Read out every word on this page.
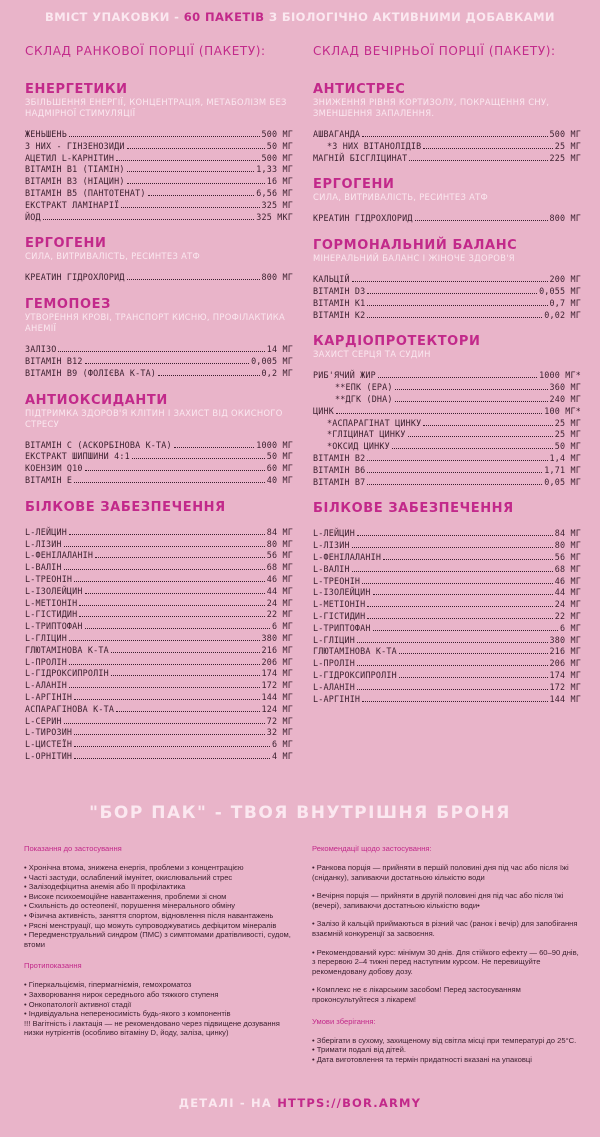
ВМІСТ УПАКОВКИ - 60 ПАКЕТІВ З БІОЛОГІЧНО АКТИВНИМИ ДОБАВКАМИ
СКЛАД РАНКОВОЇ ПОРЦІЇ (ПАКЕТУ):
ЕНЕРГЕТИКИ
ЗБІЛЬШЕННЯ ЕНЕРГІЇ, КОНЦЕНТРАЦІЯ, МЕТАБОЛІЗМ БЕЗ НАДМІРНОЇ СТИМУЛЯЦІЇ
ЖЕНЬШЕНЬ	500 МГ
З НИХ - ГІНЗЕНОЗИДИ	50 МГ
АЦЕТИЛ L-КАРНІТИН	500 МГ
ВІТАМІН В1 (ТІАМІН)	1,33 МГ
ВІТАМІН ВЗ (НІАЦИН)	16 МГ
ВІТАМІН В5 (ПАНТОТЕНАТ)	6,56 МГ
ЕКСТРАКТ ЛАМІНАРІЇ	325 МГ
ЙОД	325 МКГ
ЕРГОГЕНИ
СИЛА, ВИТРИВАЛІСТЬ, РЕСИНТЕЗ АТФ
КРЕАТИН ГІДРОХЛОРИД	800 МГ
ГЕМОПОЕЗ
УТВОРЕННЯ КРОВІ, ТРАНСПОРТ КИСНЮ, ПРОФІЛАКТИКА АНЕМІЇ
ЗАЛІЗО	14 МГ
ВІТАМІН В12	0,005 МГ
ВІТАМІН В9 (ФОЛІЄВА К-ТА)	0,2 МГ
АНТИОКСИДАНТИ
ПІДТРИМКА ЗДОРОВ'Я КЛІТИН І ЗАХИСТ ВІД ОКИСНОГО СТРЕСУ
ВІТАМІН С (АСКОРБІНОВА К-ТА)	1000 МГ
ЕКСТРАКТ ШИПШИНИ 4:1	50 МГ
КОЕНЗИМ Q10	60 МГ
ВІТАМІН Е	40 МГ
БІЛКОВЕ ЗАБЕЗПЕЧЕННЯ
L-ЛЕЙЦИН	84 МГ
L-ЛІЗИН	80 МГ
L-ФЕНІЛАЛАНІН	56 МГ
L-ВАЛІН	68 МГ
L-ТРЕОНІН	46 МГ
L-ІЗОЛЕЙЦИН	44 МГ
L-МЕТІОНІН	24 МГ
L-ГІСТИДИН	22 МГ
L-ТРИПТОФАН	6 МГ
L-ГЛІЦИН	380 МГ
ГЛЮТАМІНОВА К-ТА	216 МГ
L-ПРОЛІН	206 МГ
L-ГІДРОКСИПРОЛІН	174 МГ
L-АЛАНІН	172 МГ
L-АРГІНІН	144 МГ
АСПАРАГІНОВА К-ТА	124 МГ
L-СЕРИН	72 МГ
L-ТИРОЗИН	32 МГ
L-ЦИСТЕЇН	6 МГ
L-ОРНІТИН	4 МГ
СКЛАД ВЕЧІРНЬОЇ ПОРЦІЇ (ПАКЕТУ):
АНТИСТРЕС
ЗНИЖЕННЯ РІВНЯ КОРТИЗОЛУ, ПОКРАЩЕННЯ СНУ, ЗМЕНШЕННЯ ЗАПАЛЕННЯ.
АШВАГАНДА	500 МГ
*З НИХ ВІТАНОЛІДІВ	25 МГ
МАГНІЙ БІСГЛІЦИНАТ	225 МГ
ЕРГОГЕНИ
СИЛА, ВИТРИВАЛІСТЬ, РЕСИНТЕЗ АТФ
КРЕАТИН ГІДРОХЛОРИД	800 МГ
ГОРМОНАЛЬНИЙ БАЛАНС
МІНЕРАЛЬНИЙ БАЛАНС І ЖІНОЧЕ ЗДОРОВ'Я
КАЛЬЦІЙ	200 МГ
ВІТАМІН D3	0,055 МГ
ВІТАМІН К1	0,7 МГ
ВІТАМІН К2	0,02 МГ
КАРДІОПРОТЕКТОРИ
ЗАХИСТ СЕРЦЯ ТА СУДИН
РИБ'ЯЧИЙ ЖИР	1000 МГ*
**ЕПК (ЕРА)	360 МГ
**ДГК (DHA)	240 МГ
ЦИНК	100 МГ*
*АСПАРАГІНАТ ЦИНКУ	25 МГ
*ГЛІЦИНАТ ЦИНКУ	25 МГ
*ОКСИД ЦИНКУ	50 МГ
ВІТАМІН В2	1,4 МГ
ВІТАМІН В6	1,71 МГ
ВІТАМІН В7	0,05 МГ
БІЛКОВЕ ЗАБЕЗПЕЧЕННЯ
L-ЛЕЙЦИН	84 МГ
L-ЛІЗИН	80 МГ
L-ФЕНІЛАЛАНІН	56 МГ
L-ВАЛІН	68 МГ
L-ТРЕОНІН	46 МГ
L-ІЗОЛЕЙЦИН	44 МГ
L-МЕТІОНІН	24 МГ
L-ГІСТИДИН	22 МГ
L-ТРИПТОФАН	6 МГ
L-ГЛІЦИН	380 МГ
ГЛЮТАМІНОВА К-ТА	216 МГ
L-ПРОЛІН	206 МГ
L-ГІДРОКСИПРОЛІН	174 МГ
L-АЛАНІН	172 МГ
L-АРГІНІН	144 МГ
"БОР ПАК" - ТВОЯ ВНУТРІШНЯ БРОНЯ
Показання до застосування
• Хронічна втома, знижена енергія, проблеми з концентрацією
• Часті застуди, ослаблений імунітет, окислювальний стрес
• Залізодефіцитна анемія або її профілактика
• Високе психоемоційне навантаження, проблеми зі сном
• Схильність до остеопенії, порушення мінерального обміну
• Фізична активність, заняття спортом, відновлення після навантажень
• Рясні менструації, що можуть супроводжуватись дефіцитом мінералів
• Передменструальний синдром (ПМС) з симптомами дратівливості, судом, втоми
Протипоказання
• Гіперкальціємія, гіпермагніємія, гемохроматоз
• Захворювання нирок середнього або тяжкого ступеня
• Онкопатології активної стадії
• Індивідуальна непереносимість будь-якого з компонентів
!!! Вагітність і лактація — не рекомендовано через підвищене дозування низки нутрієнтів (особливо вітаміну D, йоду, заліза, цинку)
Рекомендації щодо застосування:
• Ранкова порція — прийняти в першій половині дня під час або після їжі (сніданку), запиваючи достатньою кількістю води
• Вечірня порція — прийняти в другій половині дня під час або після їжі (вечері), запиваючи достатньою кількістю води•
• Залізо й кальцій приймаються в різний час (ранок і вечір) для запобігання взаємній конкуренції за засвоєння.
• Рекомендований курс: мінімум 30 днів. Для стійкого ефекту — 60–90 днів, з перервою 2–4 тижні перед наступним курсом. Не перевищуйте рекомендовану добову дозу.
• Комплекс не є лікарським засобом! Перед застосуванням проконсультуйтеся з лікарем!
Умови зберігання:
• Зберігати в сухому, захищеному від світла місці при температурі до 25°C.
• Тримати подалі від дітей.
• Дата виготовлення та термін придатності вказані на упаковці
ДЕТАЛІ - НА HTTPS://BOR.ARMY
